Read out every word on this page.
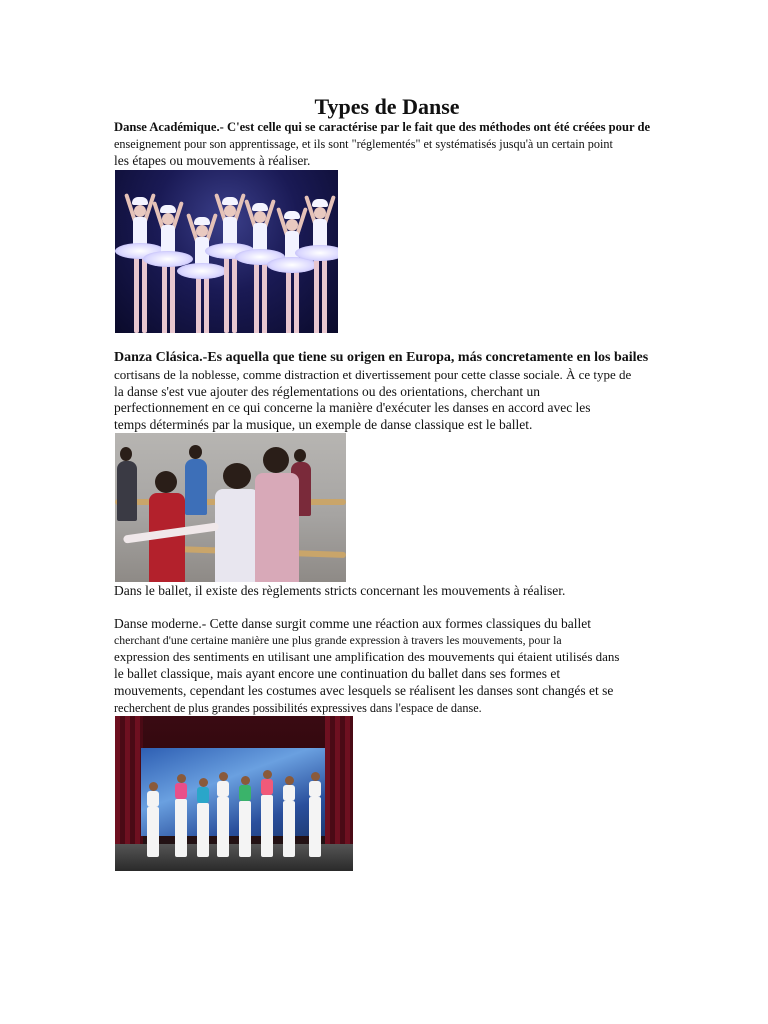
Types de Danse
Danse Académique.- C'est celle qui se caractérise par le fait que des méthodes ont été créées pour de
enseignement pour son apprentissage, et ils sont "réglementés" et systématisés jusqu'à un certain point
les étapes ou mouvements à réaliser.
Danza Clásica.-Es aquella que tiene su origen en Europa, más concretamente en los bailes
cortisans de la noblesse, comme distraction et divertissement pour cette classe sociale. À ce type de
la danse s'est vue ajouter des réglementations ou des orientations, cherchant un
perfectionnement en ce qui concerne la manière d'exécuter les danses en accord avec les
temps déterminés par la musique, un exemple de danse classique est le ballet.
Dans le ballet, il existe des règlements stricts concernant les mouvements à réaliser.
Danse moderne.- Cette danse surgit comme une réaction aux formes classiques du ballet
cherchant d'une certaine manière une plus grande expression à travers les mouvements, pour la
expression des sentiments en utilisant une amplification des mouvements qui étaient utilisés dans
le ballet classique, mais ayant encore une continuation du ballet dans ses formes et
mouvements, cependant les costumes avec lesquels se réalisent les danses sont changés et se
recherchent de plus grandes possibilités expressives dans l'espace de danse.
